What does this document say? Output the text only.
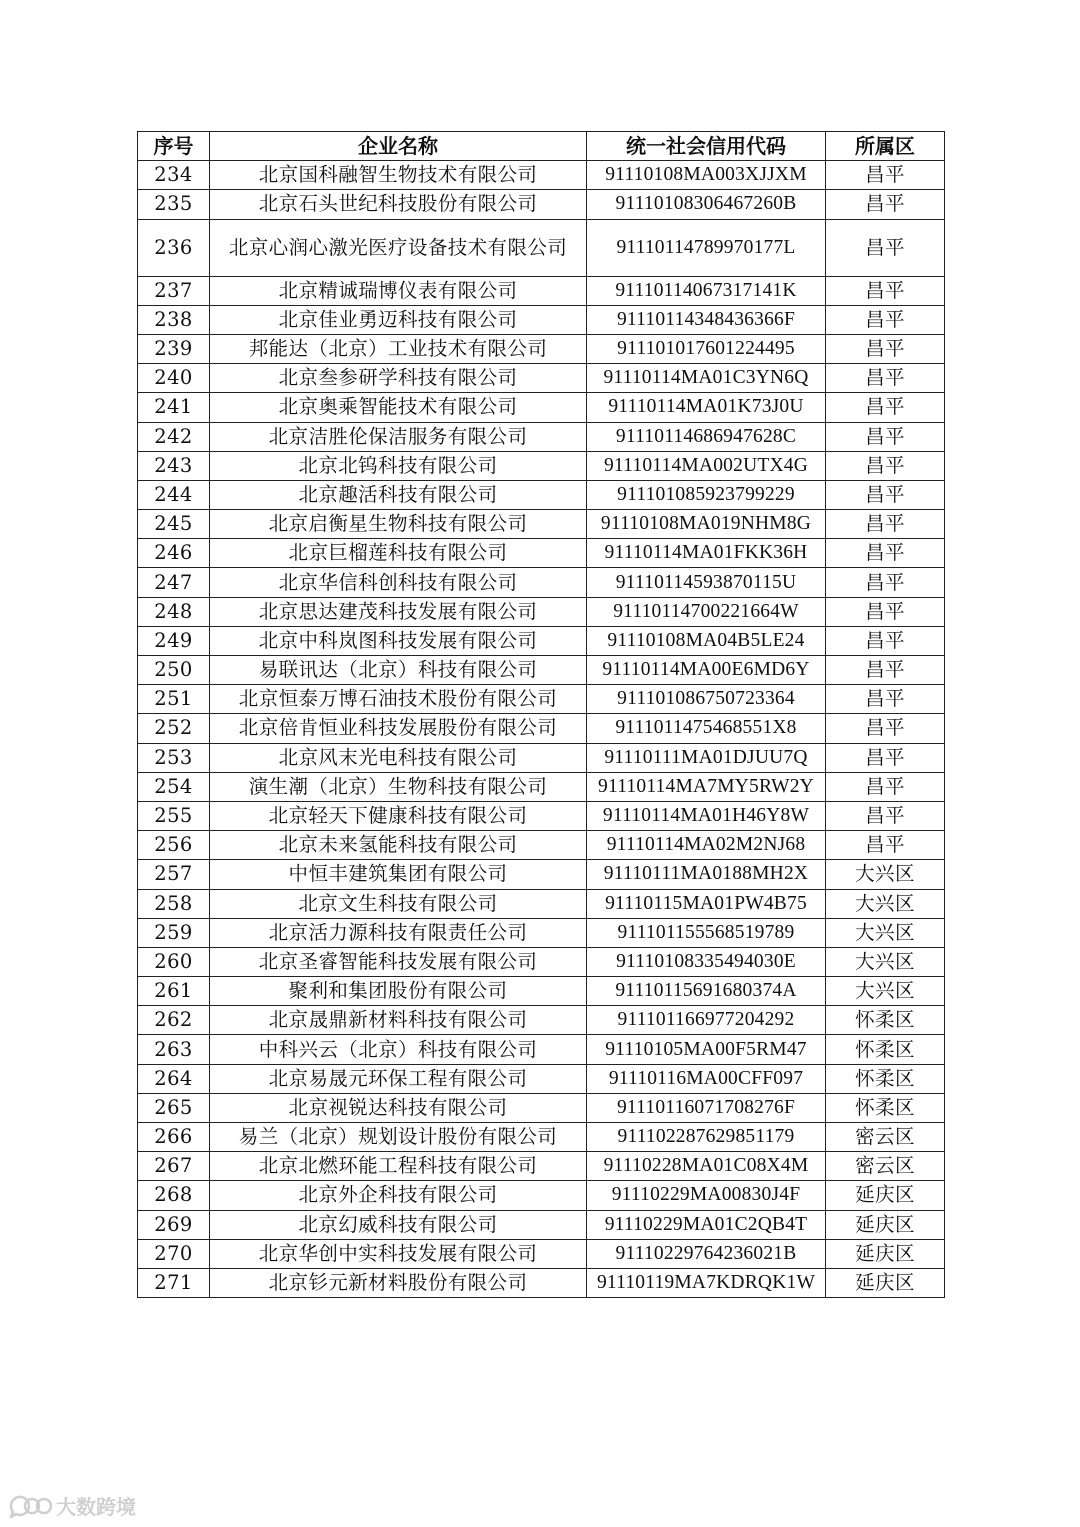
序号	企业名称	统一社会信用代码	所属区
234	北京国科融智生物技术有限公司	91110108MA003XJJXM	昌平
235	北京石头世纪科技股份有限公司	91110108306467260B	昌平
236	北京心润心激光医疗设备技术有限公司	91110114789970177L	昌平
237	北京精诚瑞博仪表有限公司	91110114067317141K	昌平
238	北京佳业勇迈科技有限公司	91110114348436366F	昌平
239	邦能达（北京）工业技术有限公司	911101017601224495	昌平
240	北京叁参研学科技有限公司	91110114MA01C3YN6Q	昌平
241	北京奥乘智能技术有限公司	91110114MA01K73J0U	昌平
242	北京洁胜伦保洁服务有限公司	91110114686947628C	昌平
243	北京北钨科技有限公司	91110114MA002UTX4G	昌平
244	北京趣活科技有限公司	911101085923799229	昌平
245	北京启衡星生物科技有限公司	91110108MA019NHM8G	昌平
246	北京巨榴莲科技有限公司	91110114MA01FKK36H	昌平
247	北京华信科创科技有限公司	91110114593870115U	昌平
248	北京思达建茂科技发展有限公司	91110114700221664W	昌平
249	北京中科岚图科技发展有限公司	91110108MA04B5LE24	昌平
250	易联讯达（北京）科技有限公司	91110114MA00E6MD6Y	昌平
251	北京恒泰万博石油技术股份有限公司	911101086750723364	昌平
252	北京倍肯恒业科技发展股份有限公司	9111011475468551X8	昌平
253	北京风末光电科技有限公司	91110111MA01DJUU7Q	昌平
254	演生潮（北京）生物科技有限公司	91110114MA7MY5RW2Y	昌平
255	北京轻天下健康科技有限公司	91110114MA01H46Y8W	昌平
256	北京未来氢能科技有限公司	91110114MA02M2NJ68	昌平
257	中恒丰建筑集团有限公司	91110111MA0188MH2X	大兴区
258	北京文生科技有限公司	91110115MA01PW4B75	大兴区
259	北京活力源科技有限责任公司	911101155568519789	大兴区
260	北京圣睿智能科技发展有限公司	91110108335494030E	大兴区
261	聚利和集团股份有限公司	91110115691680374A	大兴区
262	北京晟鼎新材料科技有限公司	911101166977204292	怀柔区
263	中科兴云（北京）科技有限公司	91110105MA00F5RM47	怀柔区
264	北京易晟元环保工程有限公司	91110116MA00CFF097	怀柔区
265	北京视锐达科技有限公司	91110116071708276F	怀柔区
266	易兰（北京）规划设计股份有限公司	911102287629851179	密云区
267	北京北燃环能工程科技有限公司	91110228MA01C08X4M	密云区
268	北京外企科技有限公司	91110229MA00830J4F	延庆区
269	北京幻威科技有限公司	91110229MA01C2QB4T	延庆区
270	北京华创中实科技发展有限公司	91110229764236021B	延庆区
271	北京钐元新材料股份有限公司	91110119MA7KDRQK1W	延庆区
大数跨境
